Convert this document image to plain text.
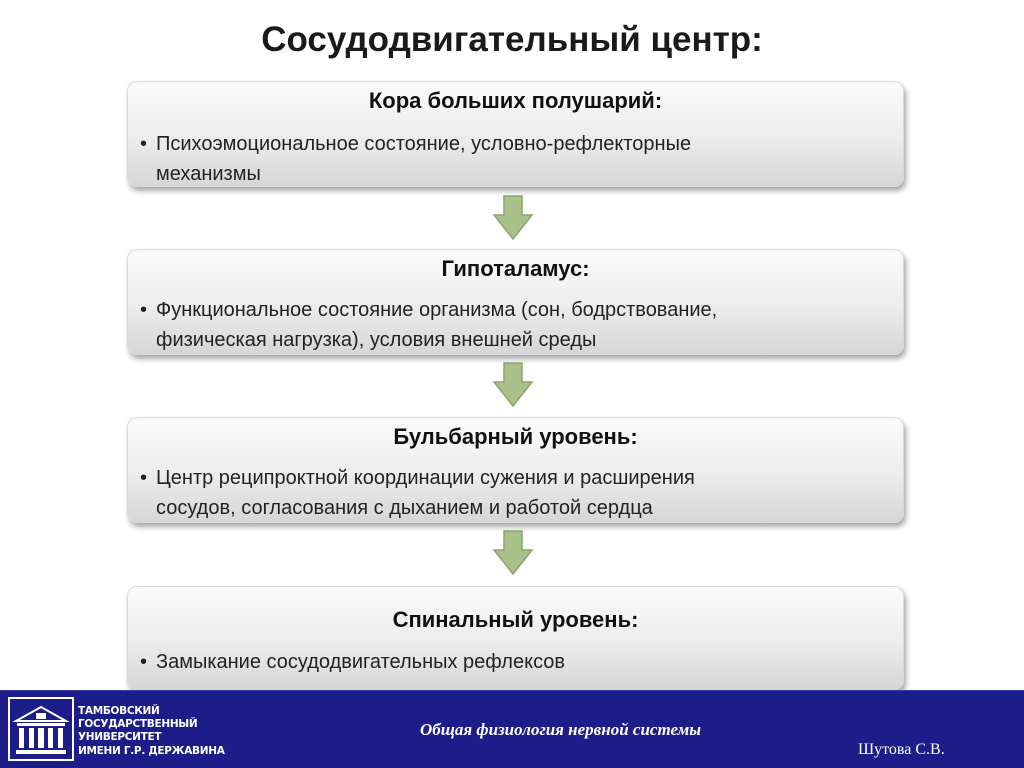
Сосудодвигательный центр:
Кора больших полушарий:
• Психоэмоциональное состояние, условно-рефлекторные
механизмы
Гипоталамус:
• Функциональное состояние организма (сон, бодрствование,
физическая нагрузка), условия внешней среды
Бульбарный уровень:
• Центр реципроктной координации сужения и расширения
сосудов, согласования с дыханием и работой сердца
Спинальный уровень:
• Замыкание сосудодвигательных рефлексов
ТАМБОВСКИЙ
ГОСУДАРСТВЕННЫЙ
УНИВЕРСИТЕТ
ИМЕНИ Г.Р. ДЕРЖАВИНА
Общая физиология нервной системы
Шутова С.В.
